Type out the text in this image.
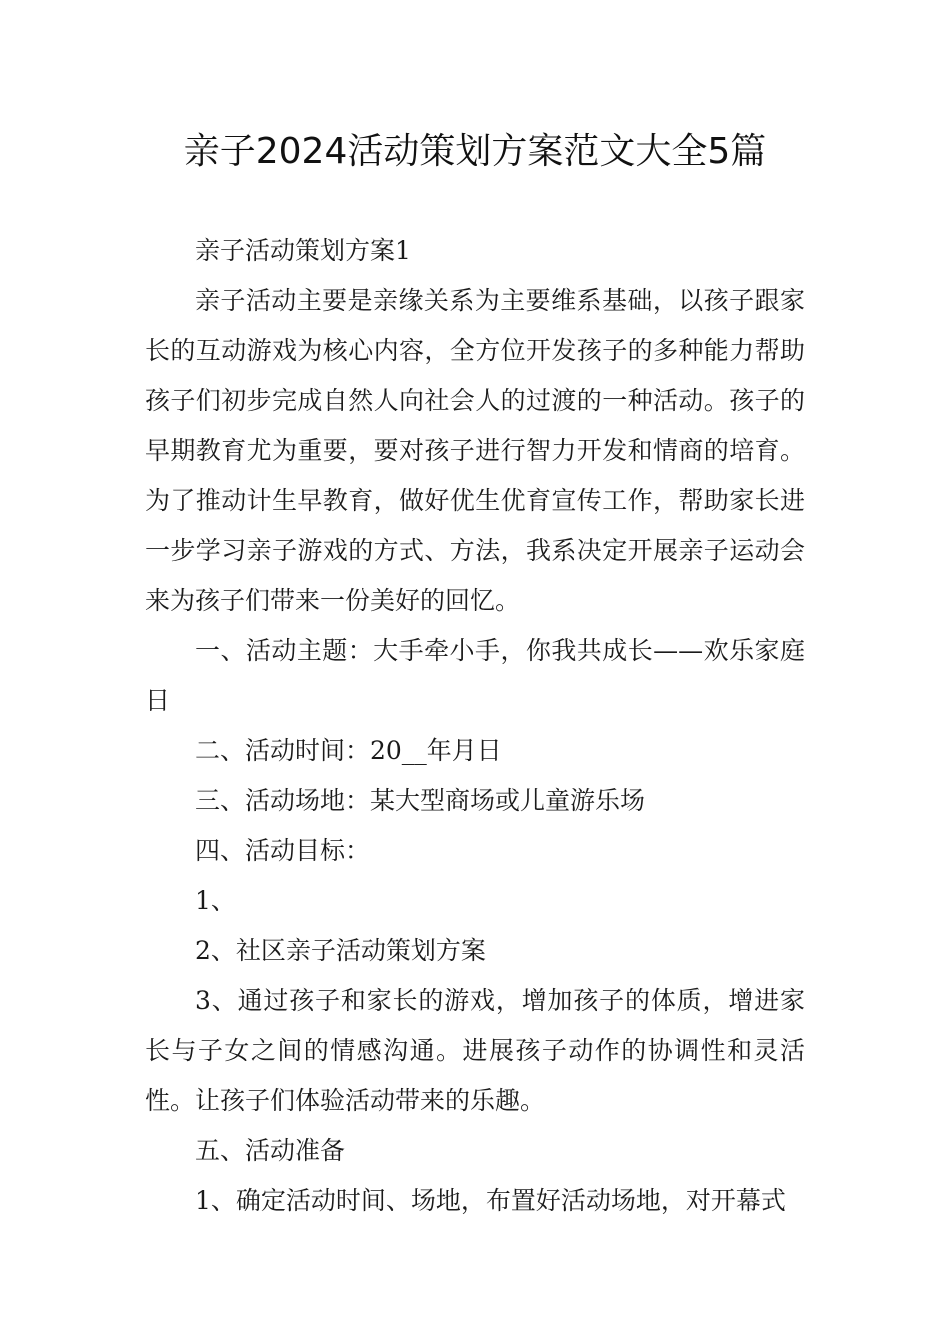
亲子2024活动策划方案范文大全5篇

亲子活动策划方案1

亲子活动主要是亲缘关系为主要维系基础，以孩子跟家长的互动游戏为核心内容，全方位开发孩子的多种能力帮助孩子们初步完成自然人向社会人的过渡的一种活动。孩子的早期教育尤为重要，要对孩子进行智力开发和情商的培育。为了推动计生早教育，做好优生优育宣传工作，帮助家长进一步学习亲子游戏的方式、方法，我系决定开展亲子运动会来为孩子们带来一份美好的回忆。

一、活动主题：大手牵小手，你我共成长——欢乐家庭日

二、活动时间：20__年月日

三、活动场地：某大型商场或儿童游乐场

四、活动目标：

1、

2、社区亲子活动策划方案

3、通过孩子和家长的游戏，增加孩子的体质，增进家长与子女之间的情感沟通。进展孩子动作的协调性和灵活性。让孩子们体验活动带来的乐趣。

五、活动准备

1、确定活动时间、场地，布置好活动场地，对开幕式
